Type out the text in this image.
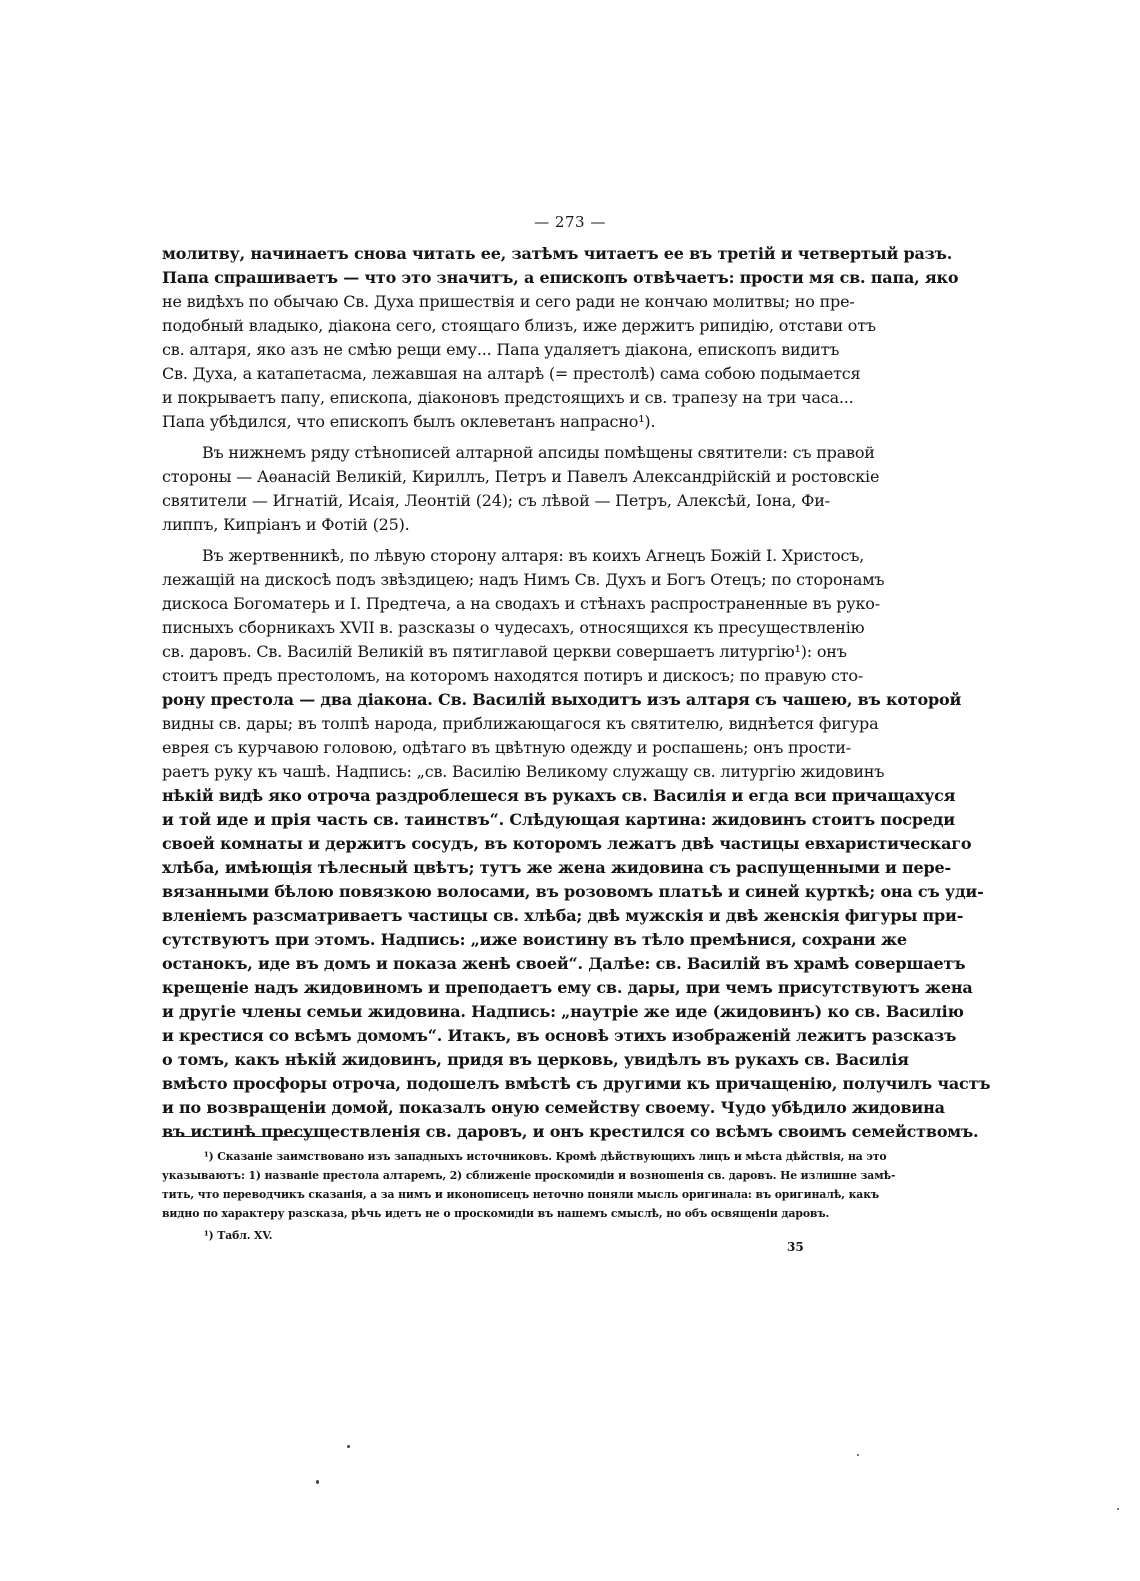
— 273 —
молитву, начинаетъ снова читать ее, затѣмъ читаетъ ее въ третій и четвертый разъ.
Папа спрашиваетъ — что это значитъ, а епископъ отвѣчаетъ: прости мя св. папа, яко
не видѣхъ по обычаю Св. Духа пришествія и сего ради не кончаю молитвы; но пре-
подобный владыко, діакона сего, стоящаго близъ, иже держитъ рипидію, отстави отъ
св. алтаря, яко азъ не смѣю рещи ему... Папа удаляетъ діакона, епископъ видитъ
Св. Духа, а катапетасма, лежавшая на алтарѣ (= престолѣ) сама собою подымается
и покрываетъ папу, епископа, діаконовъ предстоящихъ и св. трапезу на три часа...
Папа убѣдился, что епископъ былъ оклеветанъ напрасно¹).
Въ нижнемъ ряду стѣнописей алтарной апсиды помѣщены святители: съ правой
стороны — Аѳанасій Великій, Кириллъ, Петръ и Павелъ Александрійскій и ростовскіе
святители — Игнатій, Исаія, Леонтій (24); съ лѣвой — Петръ, Алексѣй, Іона, Фи-
липпъ, Кипріанъ и Фотій (25).
Въ жертвенникѣ, по лѣвую сторону алтаря: въ коихъ Агнецъ Божій І. Христосъ,
лежащій на дискосѣ подъ звѣздицею; надъ Нимъ Св. Духъ и Богъ Отецъ; по сторонамъ
дискоса Богоматерь и І. Предтеча, а на сводахъ и стѣнахъ распространенные въ руко-
писныхъ сборникахъ XVII в. разсказы о чудесахъ, относящихся къ пресуществленію
св. даровъ. Св. Василій Великій въ пятиглавой церкви совершаетъ литургію¹): онъ
стоитъ предъ престоломъ, на которомъ находятся потиръ и дискосъ; по правую сто-
рону престола — два діакона. Св. Василій выходитъ изъ алтаря съ чашею, въ которой
видны св. дары; въ толпѣ народа, приближающагося къ святителю, виднѣется фигура
еврея съ курчавою головою, одѣтаго въ цвѣтную одежду и роспашень; онъ прости-
раетъ руку къ чашѣ. Надпись: „св. Василію Великому служащу св. литургію жидовинъ
нѣкій видѣ яко отроча раздроблешеся въ рукахъ св. Василія и егда вси причащахуся
и той иде и прія часть св. таинствъ“. Слѣдующая картина: жидовинъ стоитъ посреди
своей комнаты и держитъ сосудъ, въ которомъ лежатъ двѣ частицы евхаристическаго
хлѣба, имѣющія тѣлесный цвѣтъ; тутъ же жена жидовина съ распущенными и пере-
вязанными бѣлою повязкою волосами, въ розовомъ платьѣ и синей курткѣ; она съ уди-
вленіемъ разсматриваетъ частицы св. хлѣба; двѣ мужскія и двѣ женскія фигуры при-
сутствуютъ при этомъ. Надпись: „иже воистину въ тѣло премѣнися, сохрани же
останокъ, иде въ домъ и показа женѣ своей“. Далѣе: св. Василій въ храмѣ совершаетъ
крещеніе надъ жидовиномъ и преподаетъ ему св. дары, при чемъ присутствуютъ жена
и другіе члены семьи жидовина. Надпись: „наутріе же иде (жидовинъ) ко св. Василію
и крестися со всѣмъ домомъ“. Итакъ, въ основѣ этихъ изображеній лежитъ разсказъ
о томъ, какъ нѣкій жидовинъ, придя въ церковь, увидѣлъ въ рукахъ св. Василія
вмѣсто просфоры отроча, подошелъ вмѣстѣ съ другими къ причащенію, получилъ частъ
и по возвращеніи домой, показалъ оную семейству своему. Чудо убѣдило жидовина
въ истинѣ пресуществленія св. даровъ, и онъ крестился со всѣмъ своимъ семействомъ.
¹) Сказаніе заимствовано изъ западныхъ источниковъ. Кромѣ дѣйствующихъ лицъ и мѣста дѣйствія, на это
указываютъ: 1) названіе престола алтаремъ, 2) сближеніе проскомидіи и возношенія св. даровъ. Не излишне замѣ-
тить, что переводчикъ сказанія, а за нимъ и иконописецъ неточно поняли мысль оригинала: въ оригиналѣ, какъ
видно по характеру разсказа, рѣчь идетъ не о проскомидіи въ нашемъ смыслѣ, но объ освященіи даровъ.
¹) Табл. XV.
35
